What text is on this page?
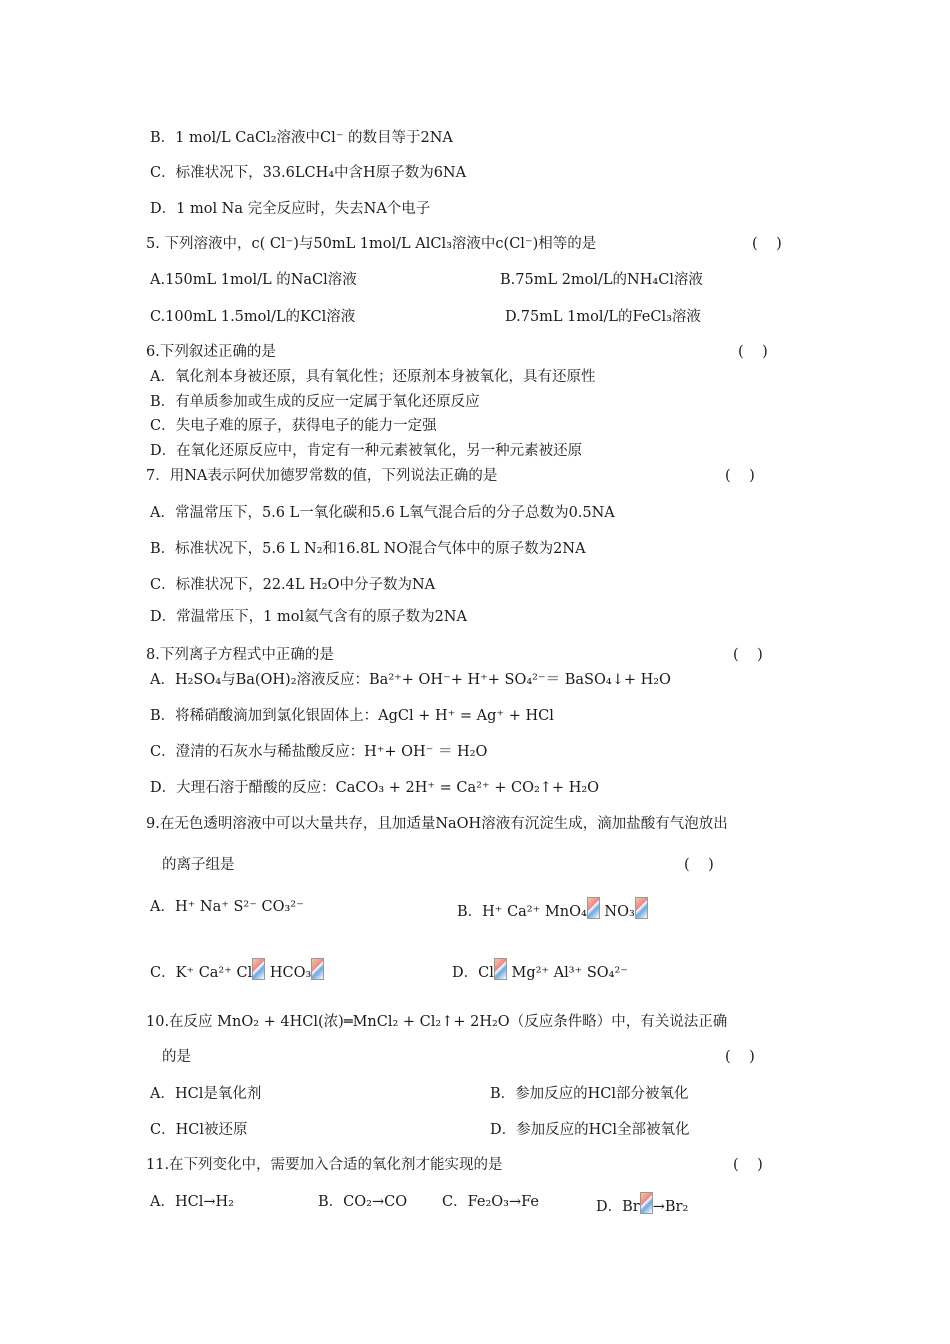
B．1 mol/L CaCl₂溶液中Cl⁻ 的数目等于2NA
C．标准状况下，33.6LCH₄中含H原子数为6NA
D．1 mol Na 完全反应时，失去NA个电子
5. 下列溶液中，c( Cl⁻)与50mL 1mol/L AlCl₃溶液中c(Cl⁻)相等的是	(    )
A.150mL 1mol/L 的NaCl溶液	B.75mL 2mol/L的NH₄Cl溶液
C.100mL 1.5mol/L的KCl溶液	D.75mL 1mol/L的FeCl₃溶液
6.下列叙述正确的是	(    )
A．氧化剂本身被还原，具有氧化性；还原剂本身被氧化，具有还原性
B．有单质参加或生成的反应一定属于氧化还原反应
C．失电子难的原子，获得电子的能力一定强
D．在氧化还原反应中，肯定有一种元素被氧化，另一种元素被还原
7．用NA表示阿伏加德罗常数的值，下列说法正确的是	(    )
A．常温常压下，5.6 L一氧化碳和5.6 L氧气混合后的分子总数为0.5NA
B．标准状况下，5.6 L N₂和16.8L NO混合气体中的原子数为2NA
C．标准状况下，22.4L H₂O中分子数为NA
D．常温常压下，1 mol氦气含有的原子数为2NA
8.下列离子方程式中正确的是	(    )
A．H₂SO₄与Ba(OH)₂溶液反应：Ba²⁺+ OH⁻+ H⁺+ SO₄²⁻＝ BaSO₄↓+ H₂O
B．将稀硝酸滴加到氯化银固体上：AgCl + H⁺ = Ag⁺ + HCl
C．澄清的石灰水与稀盐酸反应：H⁺+ OH⁻ ＝ H₂O
D．大理石溶于醋酸的反应：CaCO₃ + 2H⁺ = Ca²⁺ + CO₂↑+ H₂O
9.在无色透明溶液中可以大量共存，且加适量NaOH溶液有沉淀生成，滴加盐酸有气泡放出
的离子组是	(    )
A．H⁺ Na⁺ S²⁻ CO₃²⁻	B．H⁺ Ca²⁺ MnO₄ NO₃
C．K⁺ Ca²⁺ Cl HCO₃	D．Cl Mg²⁺ Al³⁺ SO₄²⁻
10.在反应 MnO₂ + 4HCl(浓)═MnCl₂ + Cl₂↑+ 2H₂O（反应条件略）中，有关说法正确
的是	(    )
A．HCl是氧化剂	B．参加反应的HCl部分被氧化
C．HCl被还原	D．参加反应的HCl全部被氧化
11.在下列变化中，需要加入合适的氧化剂才能实现的是	(    )
A．HCl→H₂	B．CO₂→CO C．Fe₂O₃→Fe	D．Br →Br₂
